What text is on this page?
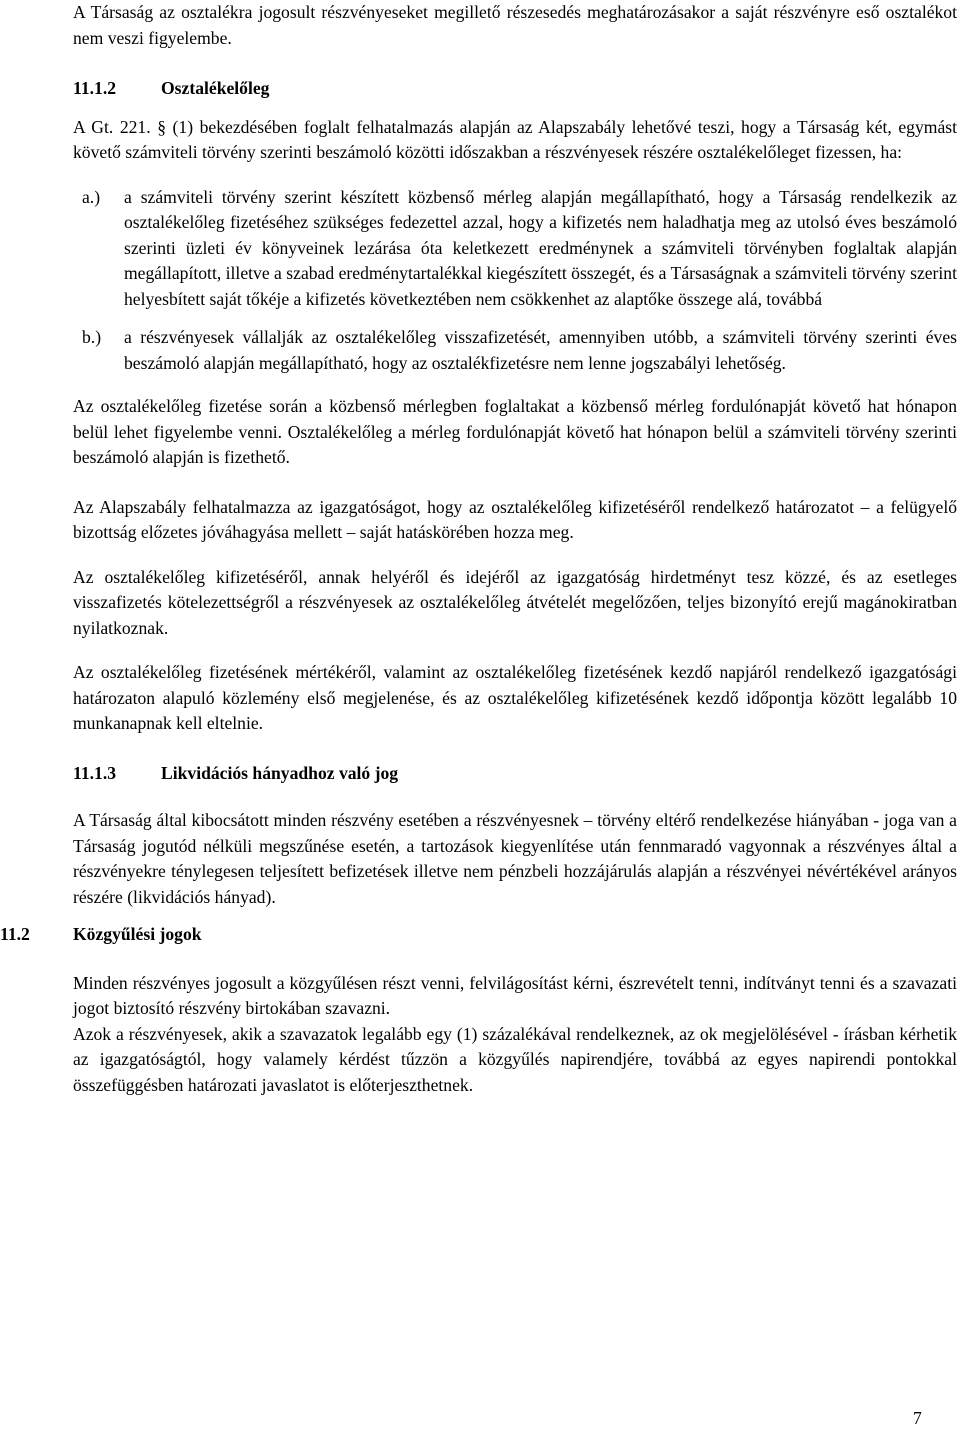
A Társaság az osztalékra jogosult részvényeseket megillető részesedés meghatározásakor a saját részvényre eső osztalékot nem veszi figyelembe.

11.1.2	Osztalékelőleg

A Gt. 221. § (1) bekezdésében foglalt felhatalmazás alapján az Alapszabály lehetővé teszi, hogy a Társaság két, egymást követő számviteli törvény szerinti beszámoló közötti időszakban a részvényesek részére osztalékelőleget fizessen, ha:

a.) a számviteli törvény szerint készített közbenső mérleg alapján megállapítható, hogy a Társaság rendelkezik az osztalékelőleg fizetéséhez szükséges fedezettel azzal, hogy a kifizetés nem haladhatja meg az utolsó éves beszámoló szerinti üzleti év könyveinek lezárása óta keletkezett eredménynek a számviteli törvényben foglaltak alapján megállapított, illetve a szabad eredménytartalékkal kiegészített összegét, és a Társaságnak a számviteli törvény szerint helyesbített saját tőkéje a kifizetés következtében nem csökkenhet az alaptőke összege alá, továbbá

b.) a részvényesek vállalják az osztalékelőleg visszafizetését, amennyiben utóbb, a számviteli törvény szerinti éves beszámoló alapján megállapítható, hogy az osztalékfizetésre nem lenne jogszabályi lehetőség.

Az osztalékelőleg fizetése során a közbenső mérlegben foglaltakat a közbenső mérleg fordulónapját követő hat hónapon belül lehet figyelembe venni. Osztalékelőleg a mérleg fordulónapját követő hat hónapon belül a számviteli törvény szerinti beszámoló alapján is fizethető.

Az Alapszabály felhatalmazza az igazgatóságot, hogy az osztalékelőleg kifizetéséről rendelkező határozatot – a felügyelő bizottság előzetes jóváhagyása mellett – saját hatáskörében hozza meg.

Az osztalékelőleg kifizetéséről, annak helyéről és idejéről az igazgatóság hirdetményt tesz közzé, és az esetleges visszafizetés kötelezettségről a részvényesek az osztalékelőleg átvételét megelőzően, teljes bizonyító erejű magánokiratban nyilatkoznak.

Az osztalékelőleg fizetésének mértékéről, valamint az osztalékelőleg fizetésének kezdő napjáról rendelkező igazgatósági határozaton alapuló közlemény első megjelenése, és az osztalékelőleg kifizetésének kezdő időpontja között legalább 10 munkanapnak kell eltelnie.

11.1.3	Likvidációs hányadhoz való jog

A Társaság által kibocsátott minden részvény esetében a részvényesnek – törvény eltérő rendelkezése hiányában - joga van a Társaság jogutód nélküli megszűnése esetén, a tartozások kiegyenlítése után fennmaradó vagyonnak a részvényes által a részvényekre ténylegesen teljesített befizetések illetve nem pénzbeli hozzájárulás alapján a részvényei névértékével arányos részére (likvidációs hányad).

11.2 Közgyűlési jogok

Minden részvényes jogosult a közgyűlésen részt venni, felvilágosítást kérni, észrevételt tenni, indítványt tenni és a szavazati jogot biztosító részvény birtokában szavazni.

Azok a részvényesek, akik a szavazatok legalább egy (1) százalékával rendelkeznek, az ok megjelölésével - írásban kérhetik az igazgatóságtól, hogy valamely kérdést tűzzön a közgyűlés napirendjére, továbbá az egyes napirendi pontokkal összefüggésben határozati javaslatot is előterjeszthetnek.

7
